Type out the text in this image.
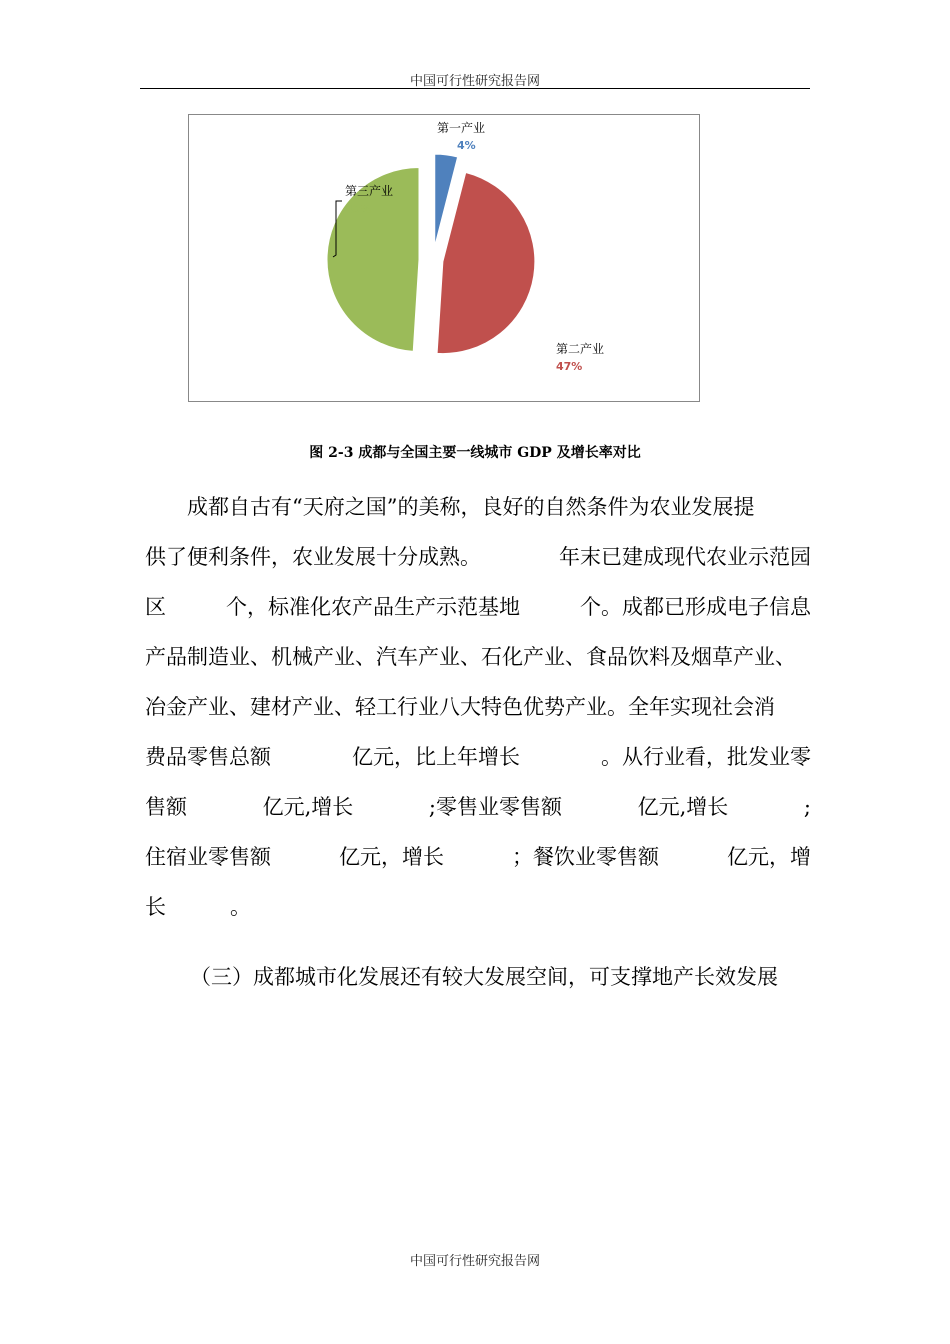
中国可行性研究报告网
第一产业
4%
第二产业
47%
第三产业
49%
图 2-3 成都与全国主要一线城市 GDP 及增长率对比
成都自古有“天府之国”的美称，良好的自然条件为农业发展提
供了便利条件，农业发展十分成熟。	年末已建成现代农业示范园
区	个，标准化农产品生产示范基地	个。成都已形成电子信息
产品制造业、机械产业、汽车产业、石化产业、食品饮料及烟草产业、
冶金产业、建材产业、轻工行业八大特色优势产业。全年实现社会消
费品零售总额	亿元，比上年增长	。从行业看，批发业零
售额	亿元,增长	;零售业零售额	亿元,增长	;
住宿业零售额	亿元，增长	；餐饮业零售额	亿元，增
长	。
（三）成都城市化发展还有较大发展空间，可支撑地产长效发展
中国可行性研究报告网
